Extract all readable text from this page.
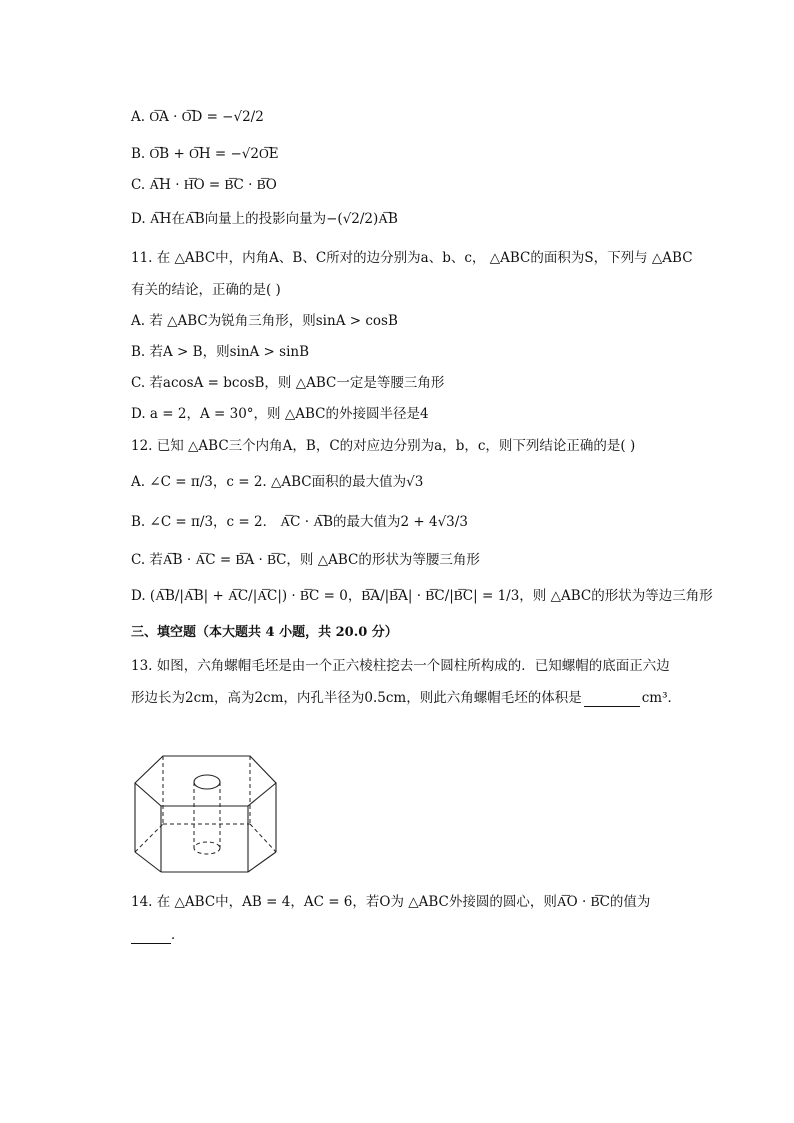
A. O͞A · O͞D = −√2/2
B. O͞B + O͞H = −√2O͞E
C. A͞H · H͞O = B͞C · B͞O
D. A͞H在A͞B向量上的投影向量为−(√2/2)A͞B
11. 在 △ABC中，内角A、B、C所对的边分别为a、b、c， △ABC的面积为S，下列与 △ABC
有关的结论，正确的是( )
A. 若 △ABC为锐角三角形，则sinA > cosB
B. 若A > B，则sinA > sinB
C. 若acosA = bcosB，则 △ABC一定是等腰三角形
D. a = 2，A = 30°，则 △ABC的外接圆半径是4
12. 已知 △ABC三个内角A，B，C的对应边分别为a，b，c，则下列结论正确的是( )
A. ∠C = π/3，c = 2. △ABC面积的最大值为√3
B. ∠C = π/3，c = 2． A͞C · A͞B的最大值为2 + 4√3/3
C. 若A͞B · A͞C = B͞A · B͞C，则 △ABC的形状为等腰三角形
D. (A͞B/|A͞B| + A͞C/|A͞C|) · B͞C = 0，B͞A/|B͞A| · B͞C/|B͞C| = 1/3，则 △ABC的形状为等边三角形
三、填空题（本大题共 4 小题，共 20.0 分）
13. 如图，六角螺帽毛坯是由一个正六棱柱挖去一个圆柱所构成的．已知螺帽的底面正六边
形边长为2cm，高为2cm，内孔半径为0.5cm，则此六角螺帽毛坯的体积是	cm³．
14. 在 △ABC中，AB = 4，AC = 6，若O为 △ABC外接圆的圆心，则A͞O · B͞C的值为
．
